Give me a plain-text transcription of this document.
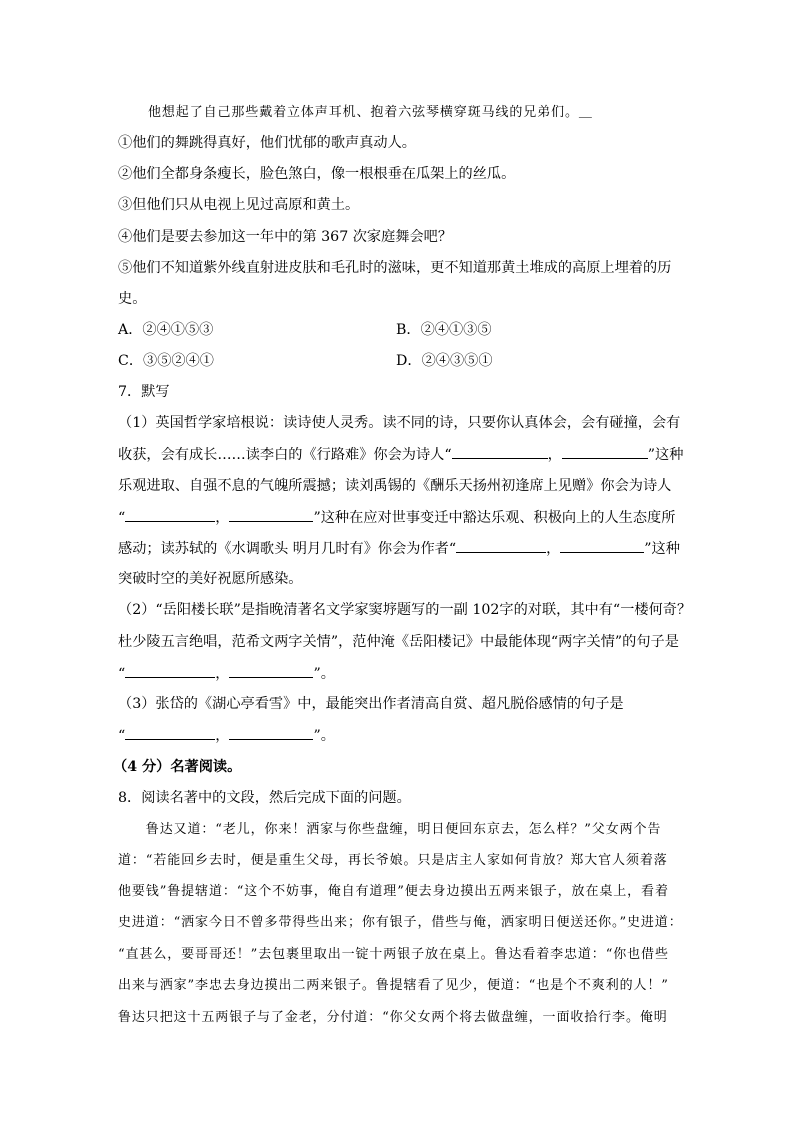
他想起了自己那些戴着立体声耳机、抱着六弦琴横穿斑马线的兄弟们。＿
①他们的舞跳得真好，他们忧郁的歌声真动人。
②他们全都身条瘦长，脸色煞白，像一根根垂在瓜架上的丝瓜。
③但他们只从电视上见过高原和黄土。
④他们是要去参加这一年中的第 367 次家庭舞会吧？
⑤他们不知道紫外线直射进皮肤和毛孔时的滋味，更不知道那黄土堆成的高原上埋着的历
史。
A．②④①⑤③	B．②④①③⑤
C．③⑤②④①	D．②④③⑤①
7．默写
（1）英国哲学家培根说：读诗使人灵秀。读不同的诗，只要你认真体会，会有碰撞，会有
收获，会有成长……读李白的《行路难》你会为诗人“	，	”这种
乐观进取、自强不息的气魄所震撼；读刘禹锡的《酬乐天扬州初逢席上见赠》你会为诗人
“	，	”这种在应对世事变迁中豁达乐观、积极向上的人生态度所
感动；读苏轼的《水调歌头 明月几时有》你会为作者“	，	”这种
突破时空的美好祝愿所感染。
（2）“岳阳楼长联”是指晚清著名文学家窦垿题写的一副 102字的对联，其中有“一楼何奇？
杜少陵五言绝唱，范希文两字关情”，范仲淹《岳阳楼记》中最能体现“两字关情”的句子是
“	，	”。
（3）张岱的《湖心亭看雪》中，最能突出作者清高自赏、超凡脱俗感情的句子是
“	，	”。
（4 分）名著阅读。
8．阅读名著中的文段，然后完成下面的问题。
　　鲁达又道：“老儿，你来！洒家与你些盘缠，明日便回东京去，怎么样？”父女两个告
道：“若能回乡去时，便是重生父母，再长爷娘。只是店主人家如何肯放？郑大官人须着落
他要钱”鲁提辖道：“这个不妨事，俺自有道理”便去身边摸出五两来银子，放在桌上，看着
史进道：“洒家今日不曾多带得些出来；你有银子，借些与俺，洒家明日便送还你。”史进道：
“直甚么，要哥哥还！”去包裹里取出一锭十两银子放在桌上。鲁达看着李忠道：“你也借些
出来与洒家”李忠去身边摸出二两来银子。鲁提辖看了见少，便道：“也是个不爽利的人！”
鲁达只把这十五两银子与了金老，分付道：“你父女两个将去做盘缠，一面收拾行李。俺明
